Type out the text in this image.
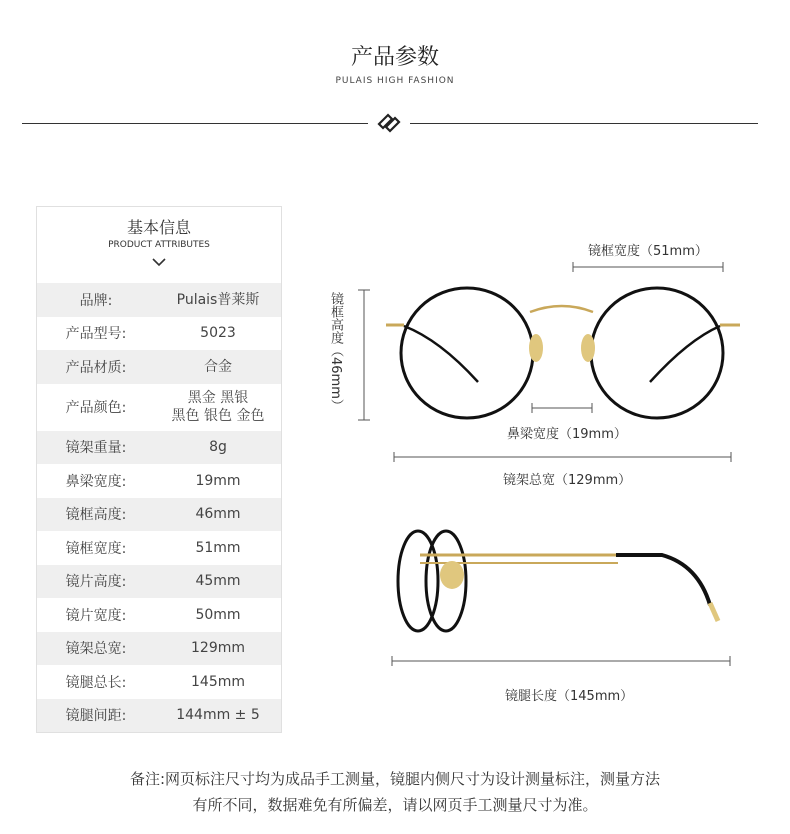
产品参数
PULAIS HIGH FASHION
基本信息
PRODUCT ATTRIBUTES
品牌:	Pulais普莱斯
产品型号:	5023
产品材质:	合金
产品颜色:
黑金 黑银
黑色 银色 金色
镜架重量:	8g
鼻梁宽度:	19mm
镜框高度:	46mm
镜框宽度:	51mm
镜片高度:	45mm
镜片宽度:	50mm
镜架总宽:	129mm
镜腿总长:	145mm
镜腿间距:	144mm ± 5
镜框宽度（51mm）
镜框高度（46mm）
鼻梁宽度（19mm）
镜架总宽（129mm）
镜腿长度（145mm）
备注:网页标注尺寸均为成品手工测量，镜腿内侧尺寸为设计测量标注，测量方法
有所不同，数据难免有所偏差，请以网页手工测量尺寸为准。
